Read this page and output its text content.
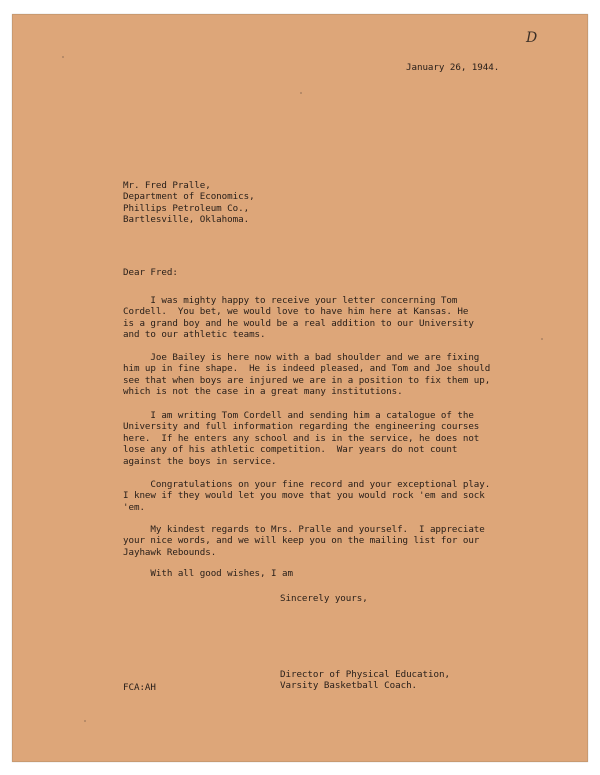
D
January 26, 1944.
Mr. Fred Pralle,
Department of Economics,
Phillips Petroleum Co.,
Bartlesville, Oklahoma.
Dear Fred:
I was mighty happy to receive your letter concerning Tom
Cordell.  You bet, we would love to have him here at Kansas. He
is a grand boy and he would be a real addition to our University
and to our athletic teams.
Joe Bailey is here now with a bad shoulder and we are fixing
him up in fine shape.  He is indeed pleased, and Tom and Joe should
see that when boys are injured we are in a position to fix them up,
which is not the case in a great many institutions.
I am writing Tom Cordell and sending him a catalogue of the
University and full information regarding the engineering courses
here.  If he enters any school and is in the service, he does not
lose any of his athletic competition.  War years do not count
against the boys in service.
Congratulations on your fine record and your exceptional play.
I knew if they would let you move that you would rock 'em and sock
'em.
My kindest regards to Mrs. Pralle and yourself.  I appreciate
your nice words, and we will keep you on the mailing list for our
Jayhawk Rebounds.
With all good wishes, I am
Sincerely yours,
Director of Physical Education,
Varsity Basketball Coach.
FCA:AH
